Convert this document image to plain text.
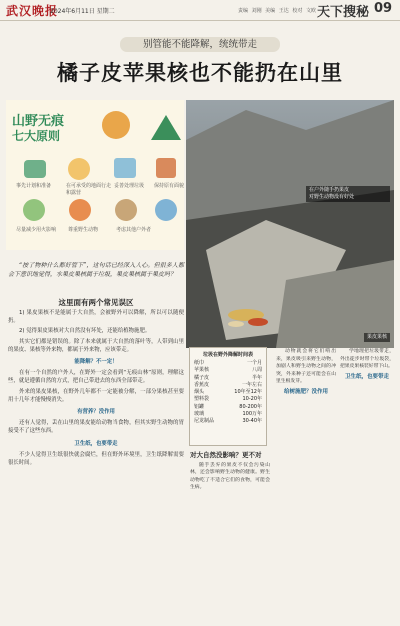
武汉晚报
2024年6月11日 星期二	责编 刘刚 美编 王达 校对 文欧 天下搜秘 09
别管能不能降解，统统带走
橘子皮苹果核也不能扔在山里
山野无痕
七大原则
事先计划和准备	在可承受的地面行走和露营
妥善处理垃圾 保持原有面貌
尽量减少用火影响	尊重野生动物	考虑其他户外者
在户外随手扔果皮
对野生动物没有好处
果皮果核

“按了物种什么都好管下”，这句话已经深入人心。但很多人都会下意识地觉得，水果皮果核属于垃圾，果皮果核属于果皮吗？

这里面有两个常见误区

1) 果皮果核不是能属于大自然，会被野外可以降解，所以可以随便扔。

2) 觉得果皮果核对大自然没有坏处，还能给植物施肥。

其实它们都是错误的。除了本来就属于大自然的落叶等，人带到山里的果皮、果核等外来物，都属于外来物，应该带走。

能降解？不一定！

在有一个自然的户外人，在野外一定会看到“无痕山林”原则，理解这些，就是遵循自然的方式，把自己带进去的东西全部带走。

外来的果皮果核，在野外几年都不一定能被分解，一部分果核甚至要用十几年才能慢慢消失。

有营养？没作用

还有人觉得，丢在山里的果皮能给动物当食物，但其实野生动物的胃接受不了这些东西。

卫生纸，也要带走

不少人觉得卫生纸很快就会腐烂，但在野外环境里，卫生纸降解需要很长时间。

垃圾在野外降解时间表
纸巾	一个月
苹果核	八周
橘子皮	半年
香蕉皮	一年左右
烟头	10年至12年
塑料袋	10-20年
铝罐	80-200年
玻璃	100万年
尼龙制品	30-40年
对大自然没影响？更不对

随手丢弃的果皮不仅会污染山林，还会影响野生动物的健康。野生动物吃了不适合它们的食物，可能会生病。

动物就会将它们啃出来，果皮吸引来野生动物，加剧人和野生动物之间的冲突，外来种子还可能会在山里生根发芽。

给树施肥？没作用

学地理把垃圾带走，外出徒步时带个垃圾袋，把果皮果核装好带下山。

卫生纸，也要带走
